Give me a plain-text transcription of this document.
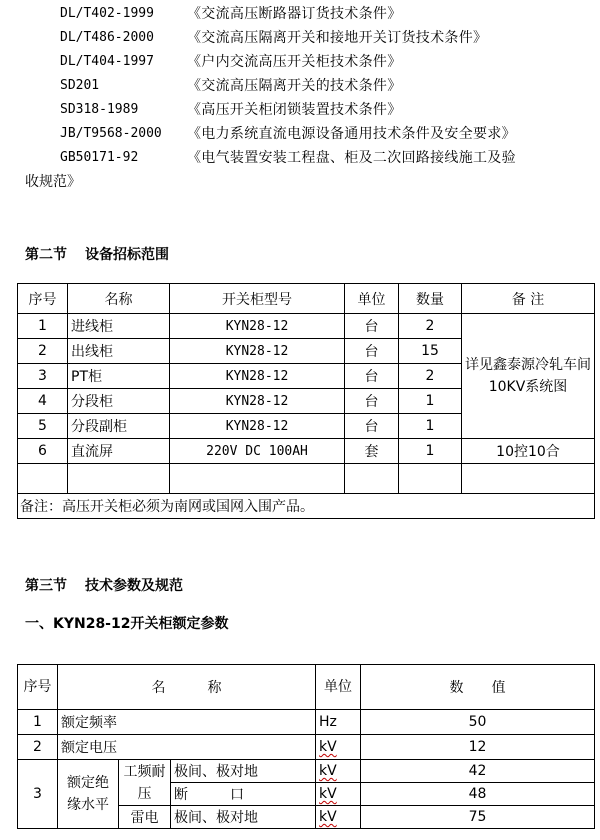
DL/T402-1999 《交流高压断路器订货技术条件》
DL/T486-2000 《交流高压隔离开关和接地开关订货技术条件》
DL/T404-1997 《户内交流高压开关柜技术条件》
SD201	《交流高压隔离开关的技术条件》
SD318-1989	《高压开关柜闭锁装置技术条件》
JB/T9568-2000 《电力系统直流电源设备通用技术条件及安全要求》
GB50171-92	《电气装置安装工程盘、柜及二次回路接线施工及验
收规范》
第二节 设备招标范围
序号	名称	开关柜型号	单位	数量	备 注
1	进线柜	KYN28-12	台	2	详见鑫泰源冷轧车间10KV系统图
2	出线柜	KYN28-12	台	15	
3	PT柜	KYN28-12	台	2	
4	分段柜	KYN28-12	台	1	
5	分段副柜	KYN28-12	台	1	
6	直流屏	220V DC 100AH	套	1	10控10合

备注：高压开关柜必须为南网或国网入围产品。					
第三节 技术参数及规范
一、KYN28-12开关柜额定参数
序号	名　　　称			单位	数　　值
1	额定频率			Hz	50
2	额定电压			kV	12
3	额定绝缘水平	工频耐压	极间、极对地	kV	42
			断　　　口	kV	48
		雷电	极间、极对地	kV	75
